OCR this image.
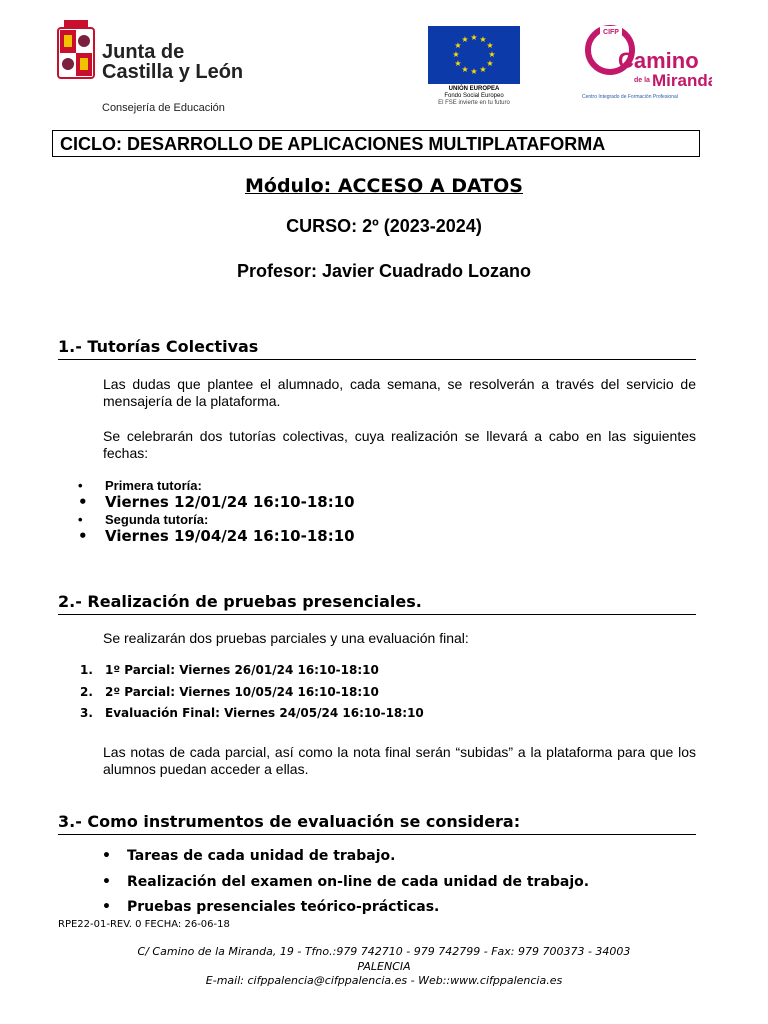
Junta de
Castilla y León
Consejería de Educación
★ ★
★
★
★
★
★
★
★
★
★
★
UNIÓN EUROPEA
Fondo Social Europeo
El FSE invierte en tu futuro
CIFP
Camino
de la Miranda
Centro Integrado de Formación Profesional
CICLO: DESARROLLO DE APLICACIONES MULTIPLATAFORMA
Módulo: ACCESO A DATOS
CURSO: 2º (2023-2024)
Profesor: Javier Cuadrado Lozano
1.- Tutorías Colectivas
Las dudas que plantee el alumnado, cada semana, se resolverán a través del servicio de mensajería de la plataforma.
Se celebrarán dos tutorías colectivas, cuya realización se llevará a cabo en las siguientes fechas:
• Primera tutoría:
• Viernes 12/01/24 16:10-18:10
• Segunda tutoría:
• Viernes 19/04/24 16:10-18:10
2.- Realización de pruebas presenciales.
Se realizarán dos pruebas parciales y una evaluación final:
1. 1º Parcial: Viernes 26/01/24 16:10-18:10
2. 2º Parcial: Viernes 10/05/24 16:10-18:10
3. Evaluación Final: Viernes 24/05/24 16:10-18:10
Las notas de cada parcial, así como la nota final serán “subidas” a la plataforma para que los alumnos puedan acceder a ellas.
3.- Como instrumentos de evaluación se considera:
• Tareas de cada unidad de trabajo.
• Realización del examen on-line de cada unidad de trabajo.
• Pruebas presenciales teórico-prácticas.
RPE22-01-REV. 0 FECHA: 26-06-18
C/ Camino de la Miranda, 19 - Tfno.:979 742710 - 979 742799 - Fax: 979 700373 - 34003
PALENCIA
E-mail: cifppalencia@cifppalencia.es - Web::www.cifppalencia.es
